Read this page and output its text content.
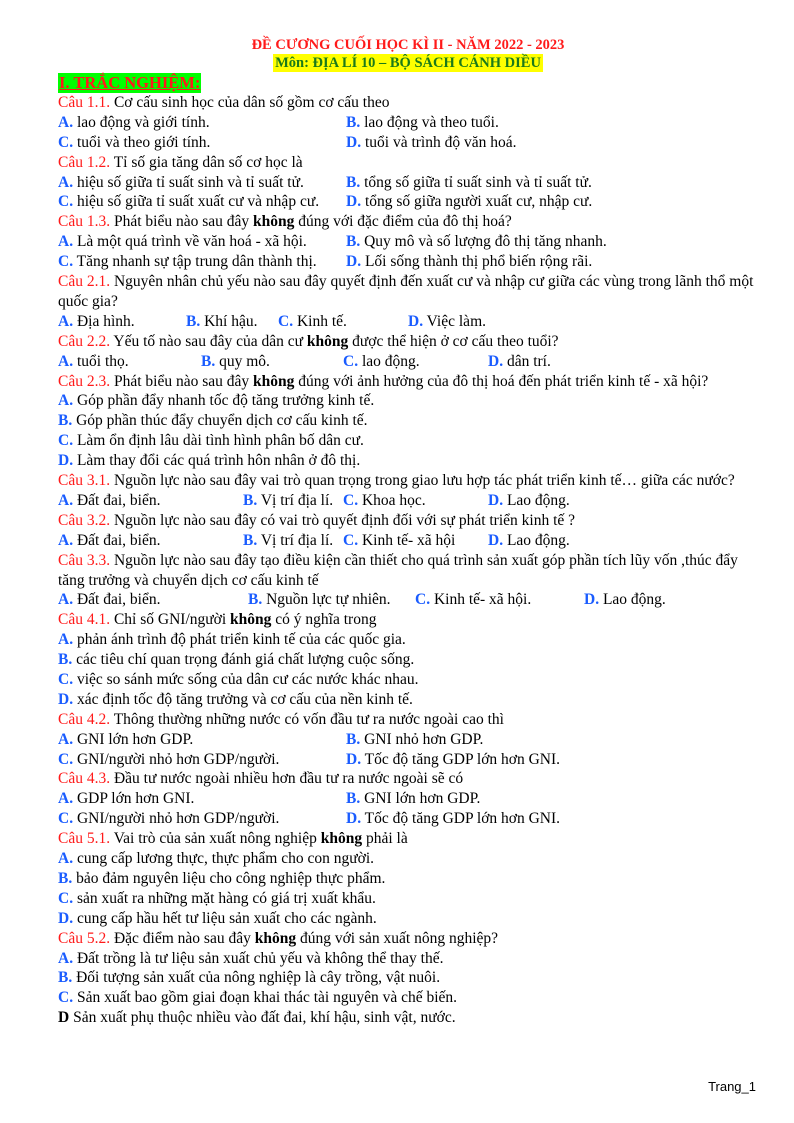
ĐỀ CƯƠNG CUỐI HỌC KÌ II - NĂM 2022 - 2023
Môn: ĐỊA LÍ 10 – BỘ SÁCH CÁNH DIỀU
I. TRẮC NGHIỆM:
Câu 1.1. Cơ cấu sinh học của dân số gồm cơ cấu theo
A. lao động và giới tính.	B. lao động và theo tuổi.
C. tuổi và theo giới tính.	D. tuổi và trình độ văn hoá.
Câu 1.2. Tỉ số gia tăng dân số cơ học là
A. hiệu số giữa tỉ suất sinh và tỉ suất tử.	B. tổng số giữa tỉ suất sinh và tỉ suất tử.
C. hiệu số giữa tỉ suất xuất cư và nhập cư. D. tổng số giữa người xuất cư, nhập cư.
Câu 1.3. Phát biểu nào sau đây không đúng với đặc điểm của đô thị hoá?
A. Là một quá trình về văn hoá - xã hội.	B. Quy mô và số lượng đô thị tăng nhanh.
C. Tăng nhanh sự tập trung dân thành thị. D. Lối sống thành thị phổ biến rộng rãi.
Câu 2.1. Nguyên nhân chủ yếu nào sau đây quyết định đến xuất cư và nhập cư giữa các vùng trong lãnh thổ một quốc gia?
A. Địa hình.	B. Khí hậu. C. Kinh tế.	D. Việc làm.
Câu 2.2. Yếu tố nào sau đây của dân cư không được thể hiện ở cơ cấu theo tuổi?
A. tuổi thọ.	B. quy mô.	C. lao động.	D. dân trí.
Câu 2.3. Phát biểu nào sau đây không đúng với ảnh hưởng của đô thị hoá đến phát triển kinh tế - xã hội?
A. Góp phần đẩy nhanh tốc độ tăng trưởng kinh tế.
B. Góp phần thúc đẩy chuyển dịch cơ cấu kinh tế.
C. Làm ổn định lâu dài tình hình phân bố dân cư.
D. Làm thay đổi các quá trình hôn nhân ở đô thị.
Câu 3.1. Nguồn lực nào sau đây vai trò quan trọng trong giao lưu hợp tác phát triển kinh tế… giữa các nước?
A. Đất đai, biển.	B. Vị trí địa lí. C. Khoa học.	D. Lao động.
Câu 3.2. Nguồn lực nào sau đây có vai trò quyết định đối với sự phát triển kinh tế ?
A. Đất đai, biển.	B. Vị trí địa lí. C. Kinh tế- xã hội D. Lao động.
Câu 3.3. Nguồn lực nào sau đây tạo điều kiện cần thiết cho quá trình sản xuất góp phần tích lũy vốn ,thúc đẩy tăng trưởng và chuyển dịch cơ cấu kinh tế
A. Đất đai, biển.	B. Nguồn lực tự nhiên. C. Kinh tế- xã hội.	D. Lao động.
Câu 4.1. Chỉ số GNI/người không có ý nghĩa trong
A. phản ánh trình độ phát triển kinh tế của các quốc gia.
B. các tiêu chí quan trọng đánh giá chất lượng cuộc sống.
C. việc so sánh mức sống của dân cư các nước khác nhau.
D. xác định tốc độ tăng trưởng và cơ cấu của nền kinh tế.
Câu 4.2. Thông thường những nước có vốn đầu tư ra nước ngoài cao thì
A. GNI lớn hơn GDP.	B. GNI nhỏ hơn GDP.
C. GNI/người nhỏ hơn GDP/người.	D. Tốc độ tăng GDP lớn hơn GNI.
Câu 4.3. Đầu tư nước ngoài nhiều hơn đầu tư ra nước ngoài sẽ có
A. GDP lớn hơn GNI.	B. GNI lớn hơn GDP.
C. GNI/người nhỏ hơn GDP/người.	D. Tốc độ tăng GDP lớn hơn GNI.
Câu 5.1. Vai trò của sản xuất nông nghiệp không phải là
A. cung cấp lương thực, thực phẩm cho con người.
B. bảo đảm nguyên liệu cho công nghiệp thực phẩm.
C. sản xuất ra những mặt hàng có giá trị xuất khẩu.
D. cung cấp hầu hết tư liệu sản xuất cho các ngành.
Câu 5.2. Đặc điểm nào sau đây không đúng với sản xuất nông nghiệp?
A. Đất trồng là tư liệu sản xuất chủ yếu và không thể thay thế.
B. Đối tượng sản xuất của nông nghiệp là cây trồng, vật nuôi.
C. Sản xuất bao gồm giai đoạn khai thác tài nguyên và chế biến.
D Sản xuất phụ thuộc nhiều vào đất đai, khí hậu, sinh vật, nước.
Trang_1
